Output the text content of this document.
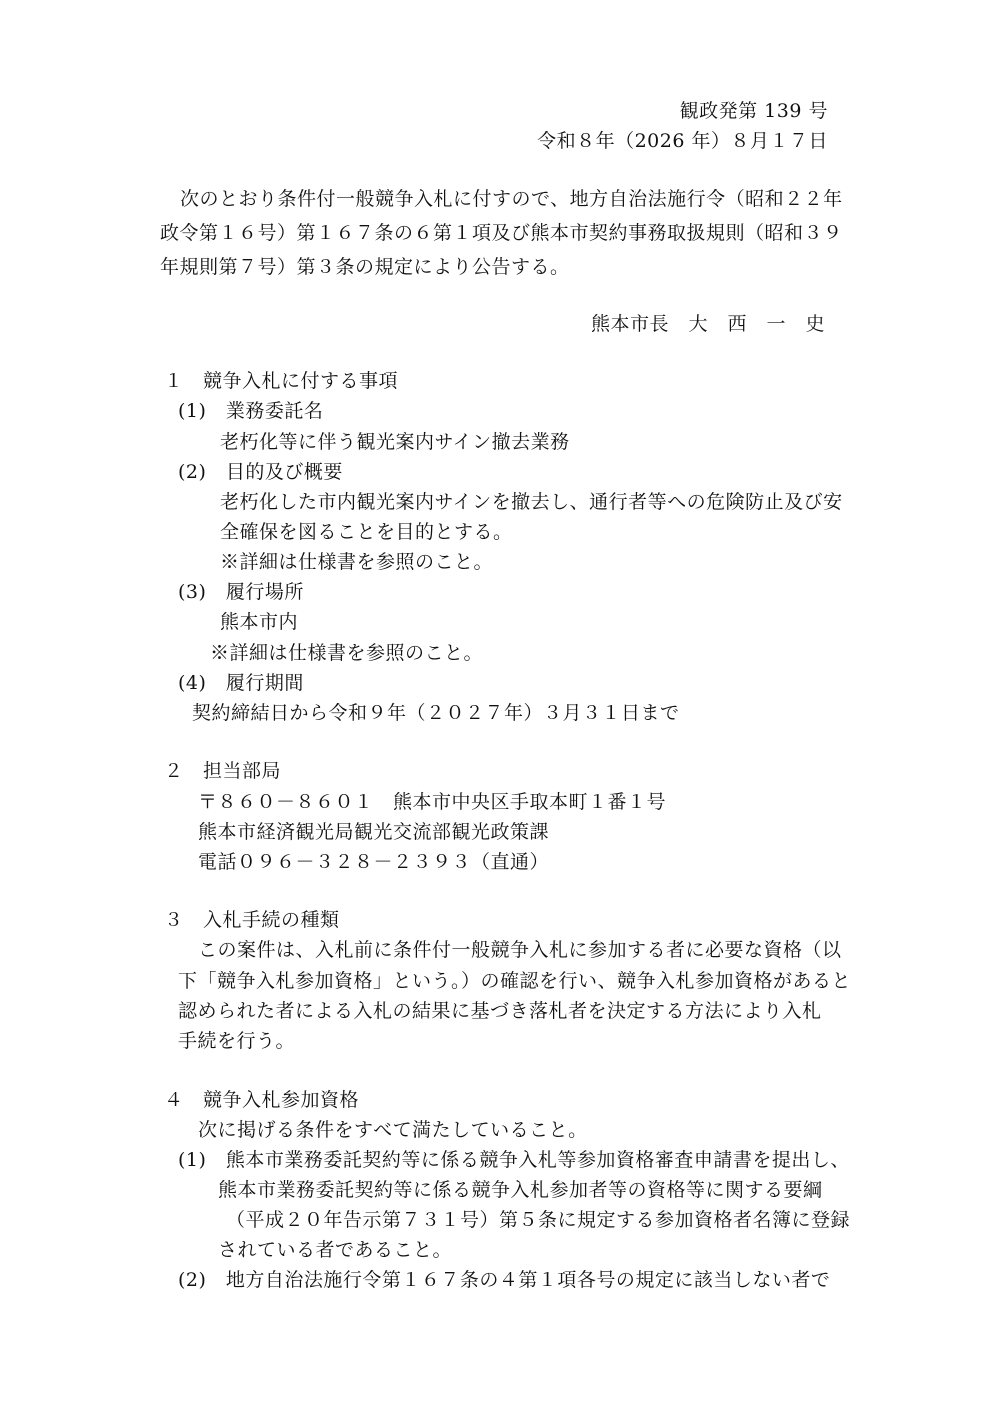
観政発第 139 号
令和８年（2026 年）８月１７日
次のとおり条件付一般競争入札に付すので、地方自治法施行令（昭和２２年
政令第１６号）第１６７条の６第１項及び熊本市契約事務取扱規則（昭和３９
年規則第７号）第３条の規定により公告する。
熊本市長　大　西　一　史
１　競争入札に付する事項
(1)　業務委託名
老朽化等に伴う観光案内サイン撤去業務
(2)　目的及び概要
老朽化した市内観光案内サインを撤去し、通行者等への危険防止及び安
全確保を図ることを目的とする。
※詳細は仕様書を参照のこと。
(3)　履行場所
熊本市内
※詳細は仕様書を参照のこと。
(4)　履行期間
契約締結日から令和９年（２０２７年）３月３１日まで
２　担当部局
〒８６０－８６０１　熊本市中央区手取本町１番１号
熊本市経済観光局観光交流部観光政策課
電話０９６－３２８－２３９３（直通）
３　入札手続の種類
この案件は、入札前に条件付一般競争入札に参加する者に必要な資格（以
下「競争入札参加資格」という。）の確認を行い、競争入札参加資格があると
認められた者による入札の結果に基づき落札者を決定する方法により入札
手続を行う。
４　競争入札参加資格
次に掲げる条件をすべて満たしていること。
(1)　熊本市業務委託契約等に係る競争入札等参加資格審査申請書を提出し、
熊本市業務委託契約等に係る競争入札参加者等の資格等に関する要綱
（平成２０年告示第７３１号）第５条に規定する参加資格者名簿に登録
されている者であること。
(2)　地方自治法施行令第１６７条の４第１項各号の規定に該当しない者で
